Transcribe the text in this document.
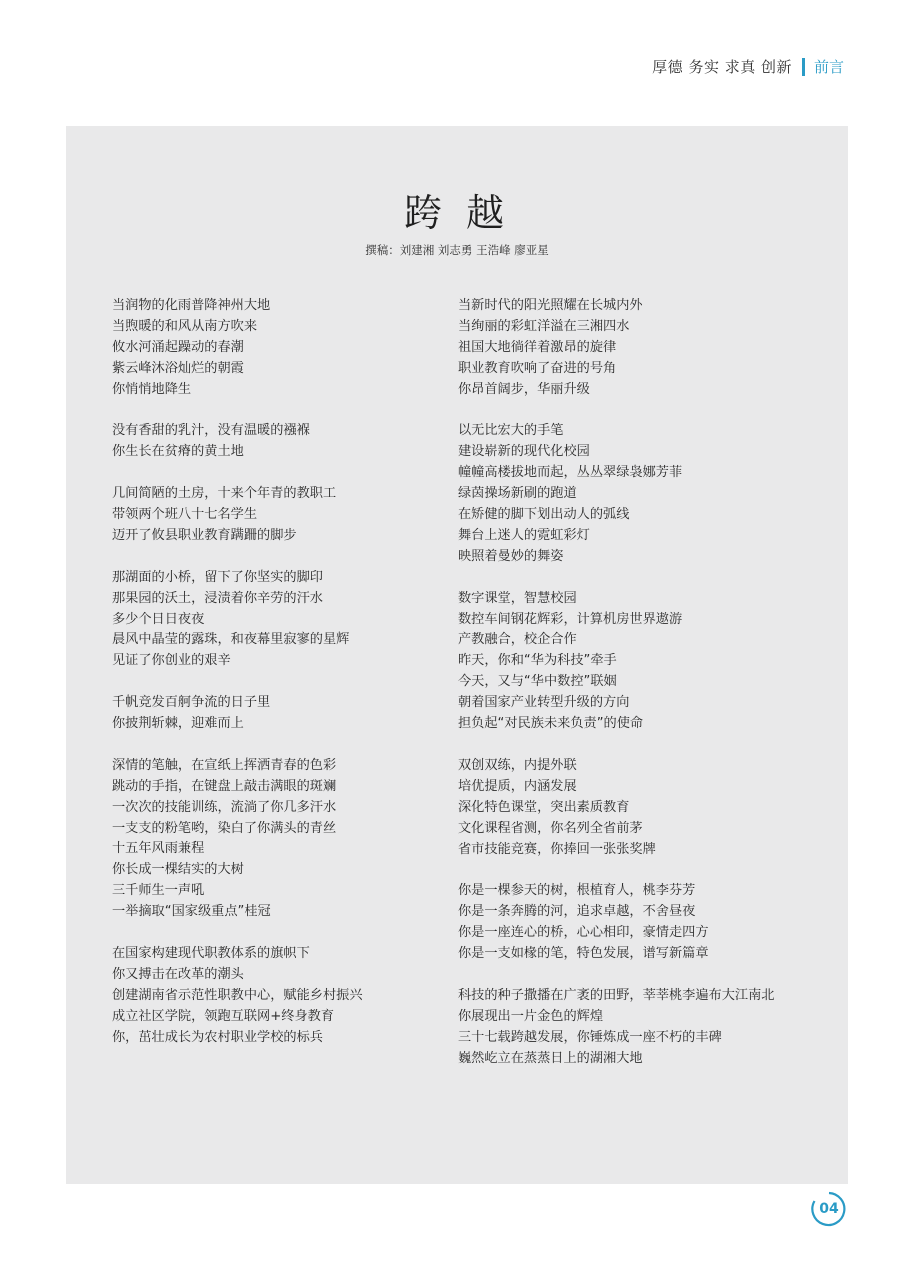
厚德 务实 求真 创新 前言
跨 越
撰稿：刘建湘 刘志勇 王浩峰 廖亚星
当润物的化雨普降神州大地
当煦暖的和风从南方吹来
攸水河涌起躁动的春潮
紫云峰沐浴灿烂的朝霞
你悄悄地降生
没有香甜的乳汁，没有温暖的襁褓
你生长在贫瘠的黄土地
几间简陋的土房，十来个年青的教职工
带领两个班八十七名学生
迈开了攸县职业教育蹒跚的脚步
那湖面的小桥，留下了你坚实的脚印
那果园的沃土，浸渍着你辛劳的汗水
多少个日日夜夜
晨风中晶莹的露珠，和夜幕里寂寥的星辉
见证了你创业的艰辛
千帆竞发百舸争流的日子里
你披荆斩棘，迎难而上
深情的笔触，在宣纸上挥洒青春的色彩
跳动的手指，在键盘上敲击满眼的斑斓
一次次的技能训练，流淌了你几多汗水
一支支的粉笔哟，染白了你满头的青丝
十五年风雨兼程
你长成一棵结实的大树
三千师生一声吼
一举摘取“国家级重点”桂冠
在国家构建现代职教体系的旗帜下
你又搏击在改革的潮头
创建湖南省示范性职教中心，赋能乡村振兴
成立社区学院，领跑互联网+终身教育
你，茁壮成长为农村职业学校的标兵
当新时代的阳光照耀在长城内外
当绚丽的彩虹洋溢在三湘四水
祖国大地徜徉着激昂的旋律
职业教育吹响了奋进的号角
你昂首阔步，华丽升级
以无比宏大的手笔
建设崭新的现代化校园
幢幢高楼拔地而起，丛丛翠绿袅娜芳菲
绿茵操场新刷的跑道
在矫健的脚下划出动人的弧线
舞台上迷人的霓虹彩灯
映照着曼妙的舞姿
数字课堂，智慧校园
数控车间钢花辉彩，计算机房世界遨游
产教融合，校企合作
昨天，你和“华为科技”牵手
今天，又与“华中数控”联姻
朝着国家产业转型升级的方向
担负起“对民族未来负责”的使命
双创双练，内提外联
培优提质，内涵发展
深化特色课堂，突出素质教育
文化课程省测，你名列全省前茅
省市技能竞赛，你捧回一张张奖牌
你是一棵参天的树，根植育人，桃李芬芳
你是一条奔腾的河，追求卓越，不舍昼夜
你是一座连心的桥，心心相印，豪情走四方
你是一支如椽的笔，特色发展，谱写新篇章
科技的种子撒播在广袤的田野，莘莘桃李遍布大江南北
你展现出一片金色的辉煌
三十七载跨越发展，你锤炼成一座不朽的丰碑
巍然屹立在蒸蒸日上的湖湘大地
04
